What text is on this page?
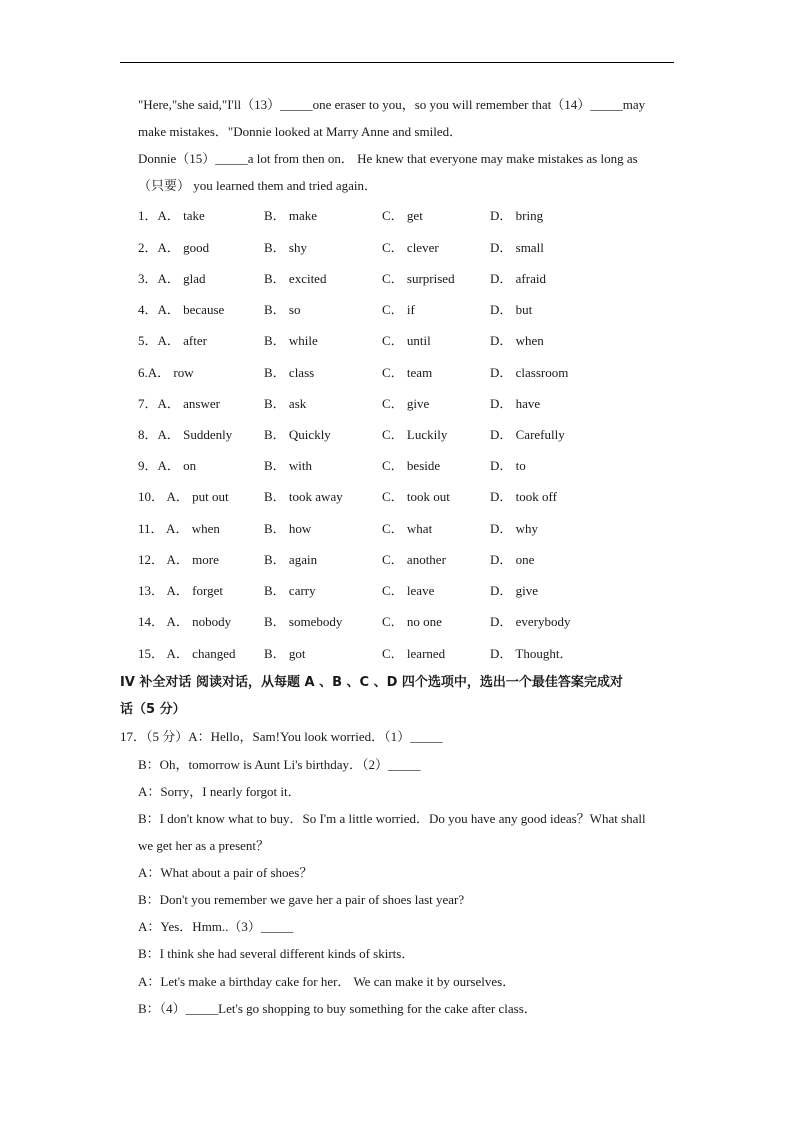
"Here,"she said,"I'll（13）_____one eraser to you，so you will remember that（14）_____may
make mistakes．"Donnie looked at Marry Anne and smiled．
Donnie（15）_____a lot from then on． He knew that everyone may make mistakes as long as
（只要） you learned them and tried again．
1．A． take	B． make	C． get	D． bring
2．A． good	B． shy	C． clever	D． small
3．A． glad	B． excited	C． surprised	D． afraid
4．A． because	B． so	C． if	D． but
5．A． after	B． while	C． until	D． when
6.A． row	B． class	C． team	D． classroom
7．A． answer	B． ask	C． give	D． have
8．A． Suddenly B． Quickly	C． Luckily	D． Carefully
9．A． on	B． with	C． beside	D． to
10． A． put out	B． took away	C． took out	D． took off
11． A． when	B． how	C． what	D． why
12． A． more	B． again	C． another	D． one
13． A． forget	B． carry	C． leave	D． give
14． A． nobody	B． somebody	C． no one	D． everybody
15． A． changed B． got	C． learned	D． Thought．
IV 补全对话 阅读对话，从每题 A 、B 、C 、D 四个选项中，选出一个最佳答案完成对
话（5 分）
17．（5 分）A：Hello，Sam!You look worried．（1）_____
B：Oh，tomorrow is Aunt Li's birthday．（2）_____
A：Sorry，I nearly forgot it．
B：I don't know what to buy．So I'm a little worried．Do you have any good ideas？What shall
we get her as a present？
A：What about a pair of shoes？
B：Don't you remember we gave her a pair of shoes last year?
A：Yes．Hmm..（3）_____
B：I think she had several different kinds of skirts．
A：Let's make a birthday cake for her． We can make it by ourselves．
B：（4）_____Let's go shopping to buy something for the cake after class．
